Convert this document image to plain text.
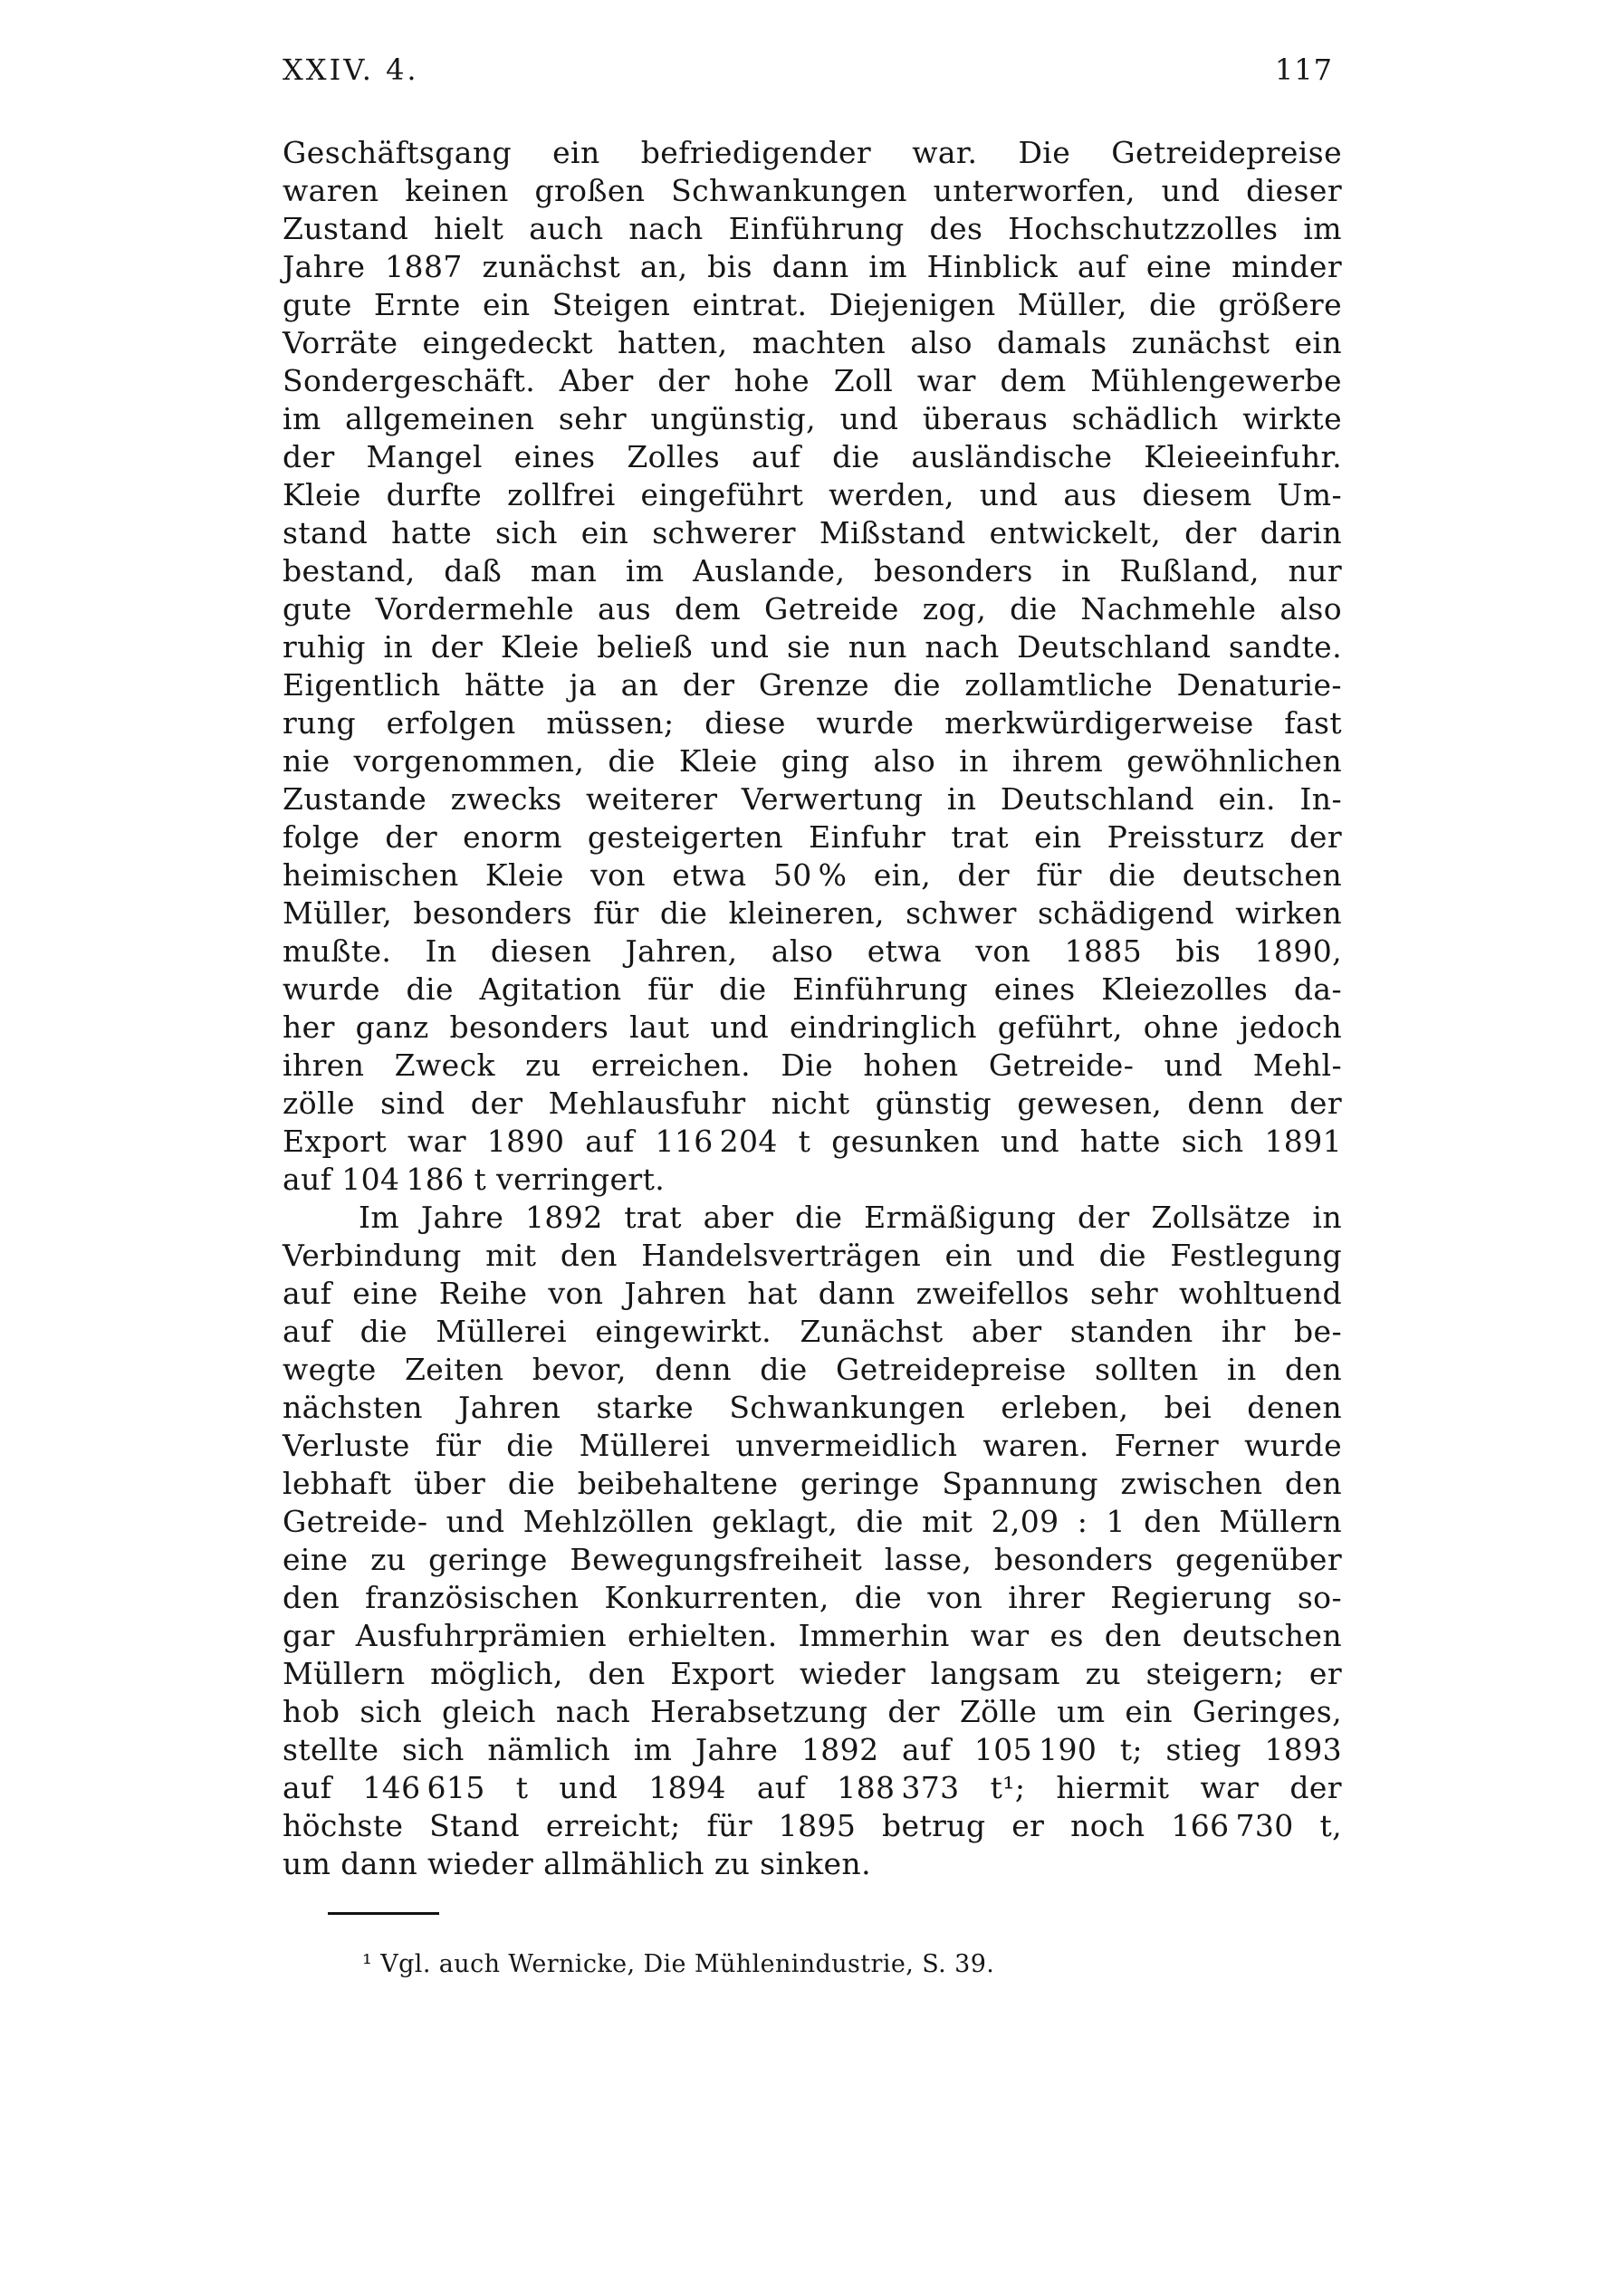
XXIV. 4.	117
Geschäftsgang ein befriedigender war. Die Getreidepreise
waren keinen großen Schwankungen unterworfen, und dieser
Zustand hielt auch nach Einführung des Hochschutzzolles im
Jahre 1887 zunächst an, bis dann im Hinblick auf eine minder
gute Ernte ein Steigen eintrat. Diejenigen Müller, die größere
Vorräte eingedeckt hatten, machten also damals zunächst ein
Sondergeschäft. Aber der hohe Zoll war dem Mühlengewerbe
im allgemeinen sehr ungünstig, und überaus schädlich wirkte
der Mangel eines Zolles auf die ausländische Kleieeinfuhr.
Kleie durfte zollfrei eingeführt werden, und aus diesem Um-
stand hatte sich ein schwerer Mißstand entwickelt, der darin
bestand, daß man im Auslande, besonders in Rußland, nur
gute Vordermehle aus dem Getreide zog, die Nachmehle also
ruhig in der Kleie beließ und sie nun nach Deutschland sandte.
Eigentlich hätte ja an der Grenze die zollamtliche Denaturie-
rung erfolgen müssen; diese wurde merkwürdigerweise fast
nie vorgenommen, die Kleie ging also in ihrem gewöhnlichen
Zustande zwecks weiterer Verwertung in Deutschland ein. In-
folge der enorm gesteigerten Einfuhr trat ein Preissturz der
heimischen Kleie von etwa 50 % ein, der für die deutschen
Müller, besonders für die kleineren, schwer schädigend wirken
mußte. In diesen Jahren, also etwa von 1885 bis 1890,
wurde die Agitation für die Einführung eines Kleiezolles da-
her ganz besonders laut und eindringlich geführt, ohne jedoch
ihren Zweck zu erreichen. Die hohen Getreide- und Mehl-
zölle sind der Mehlausfuhr nicht günstig gewesen, denn der
Export war 1890 auf 116 204 t gesunken und hatte sich 1891
auf 104 186 t verringert.
Im Jahre 1892 trat aber die Ermäßigung der Zollsätze in
Verbindung mit den Handelsverträgen ein und die Festlegung
auf eine Reihe von Jahren hat dann zweifellos sehr wohltuend
auf die Müllerei eingewirkt. Zunächst aber standen ihr be-
wegte Zeiten bevor, denn die Getreidepreise sollten in den
nächsten Jahren starke Schwankungen erleben, bei denen
Verluste für die Müllerei unvermeidlich waren. Ferner wurde
lebhaft über die beibehaltene geringe Spannung zwischen den
Getreide- und Mehlzöllen geklagt, die mit 2,09 : 1 den Müllern
eine zu geringe Bewegungsfreiheit lasse, besonders gegenüber
den französischen Konkurrenten, die von ihrer Regierung so-
gar Ausfuhrprämien erhielten. Immerhin war es den deutschen
Müllern möglich, den Export wieder langsam zu steigern; er
hob sich gleich nach Herabsetzung der Zölle um ein Geringes,
stellte sich nämlich im Jahre 1892 auf 105 190 t; stieg 1893
auf 146 615 t und 1894 auf 188 373 t¹; hiermit war der
höchste Stand erreicht; für 1895 betrug er noch 166 730 t,
um dann wieder allmählich zu sinken.
¹ Vgl. auch Wernicke, Die Mühlenindustrie, S. 39.
